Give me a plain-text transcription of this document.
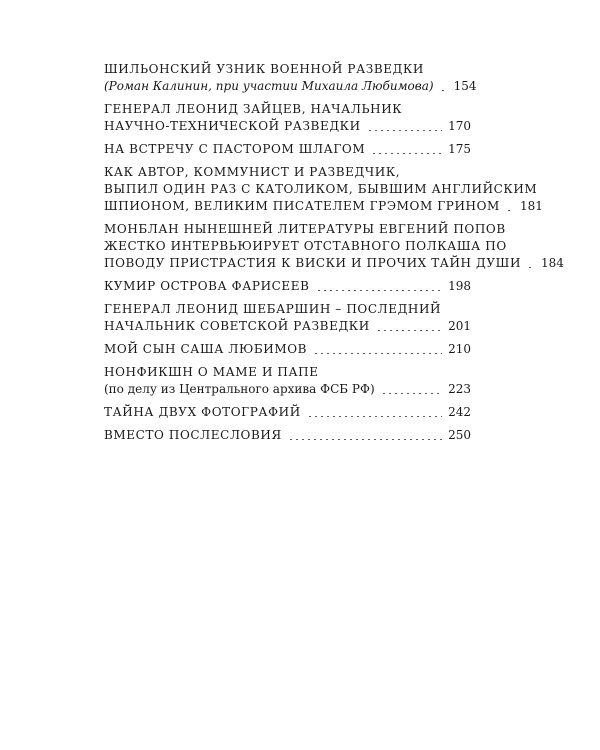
ШИЛЬОНСКИЙ УЗНИК ВОЕННОЙ РАЗВЕДКИ
(Роман Калинин, при участии Михаила Любимова) 154
ГЕНЕРАЛ ЛЕОНИД ЗАЙЦЕВ, НАЧАЛЬНИК
НАУЧНО-ТЕХНИЧЕСКОЙ РАЗВЕДКИ	170
НА ВСТРЕЧУ С ПАСТОРОМ ШЛАГОМ	175
КАК АВТОР, КОММУНИСТ И РАЗВЕДЧИК,
ВЫПИЛ ОДИН РАЗ С КАТОЛИКОМ, БЫВШИМ АНГЛИЙСКИМ
ШПИОНОМ, ВЕЛИКИМ ПИСАТЕЛЕМ ГРЭМОМ ГРИНОМ 181
МОНБЛАН НЫНЕШНЕЙ ЛИТЕРАТУРЫ ЕВГЕНИЙ ПОПОВ
ЖЕСТКО ИНТЕРВЬЮИРУЕТ ОТСТАВНОГО ПОЛКАША ПО
ПОВОДУ ПРИСТРАСТИЯ К ВИСКИ И ПРОЧИХ ТАЙН ДУШИ 184
КУМИР ОСТРОВА ФАРИСЕЕВ	198
ГЕНЕРАЛ ЛЕОНИД ШЕБАРШИН – ПОСЛЕДНИЙ
НАЧАЛЬНИК СОВЕТСКОЙ РАЗВЕДКИ	201
МОЙ СЫН САША ЛЮБИМОВ	210
НОНФИКШН О МАМЕ И ПАПЕ
(по делу из Центрального архива ФСБ РФ)	223
ТАЙНА ДВУХ ФОТОГРАФИЙ	242
ВМЕСТО ПОСЛЕСЛОВИЯ	250
